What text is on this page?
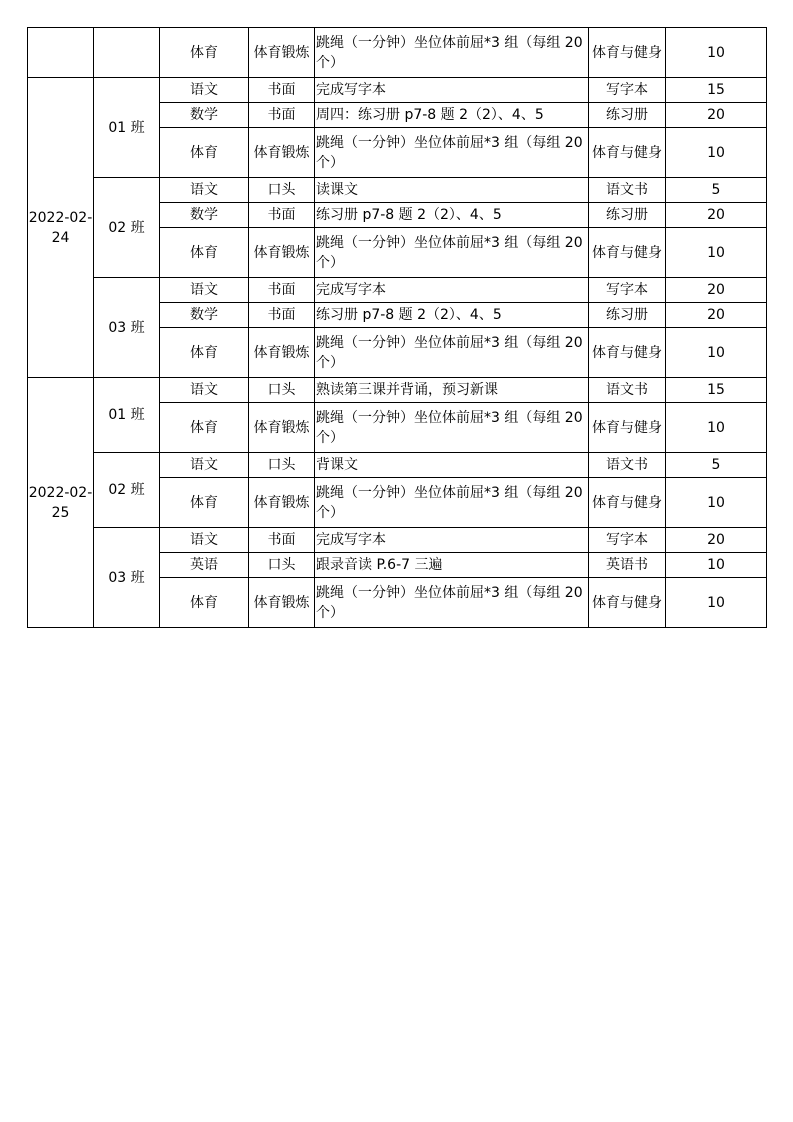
		体育	体育锻炼	跳绳（一分钟）坐位体前屈*3 组（每组 20 个）	体育与健身	10
2022-02-
24	01 班	语文	书面	完成写字本	写字本	15
		数学	书面	周四：练习册 p7-8 题 2（2）、4、5	练习册	20
		体育	体育锻炼	跳绳（一分钟）坐位体前屈*3 组（每组 20 个）	体育与健身	10
	02 班	语文	口头	读课文	语文书	5
		数学	书面	练习册 p7-8 题 2（2）、4、5	练习册	20
		体育	体育锻炼	跳绳（一分钟）坐位体前屈*3 组（每组 20 个）	体育与健身	10
	03 班	语文	书面	完成写字本	写字本	20
		数学	书面	练习册 p7-8 题 2（2）、4、5	练习册	20
		体育	体育锻炼	跳绳（一分钟）坐位体前屈*3 组（每组 20 个）	体育与健身	10
2022-02-
25	01 班	语文	口头	熟读第三课并背诵，预习新课	语文书	15
		体育	体育锻炼	跳绳（一分钟）坐位体前屈*3 组（每组 20 个）	体育与健身	10
	02 班	语文	口头	背课文	语文书	5
		体育	体育锻炼	跳绳（一分钟）坐位体前屈*3 组（每组 20 个）	体育与健身	10
	03 班	语文	书面	完成写字本	写字本	20
		英语	口头	跟录音读 P.6-7 三遍	英语书	10
		体育	体育锻炼	跳绳（一分钟）坐位体前屈*3 组（每组 20 个）	体育与健身	10
